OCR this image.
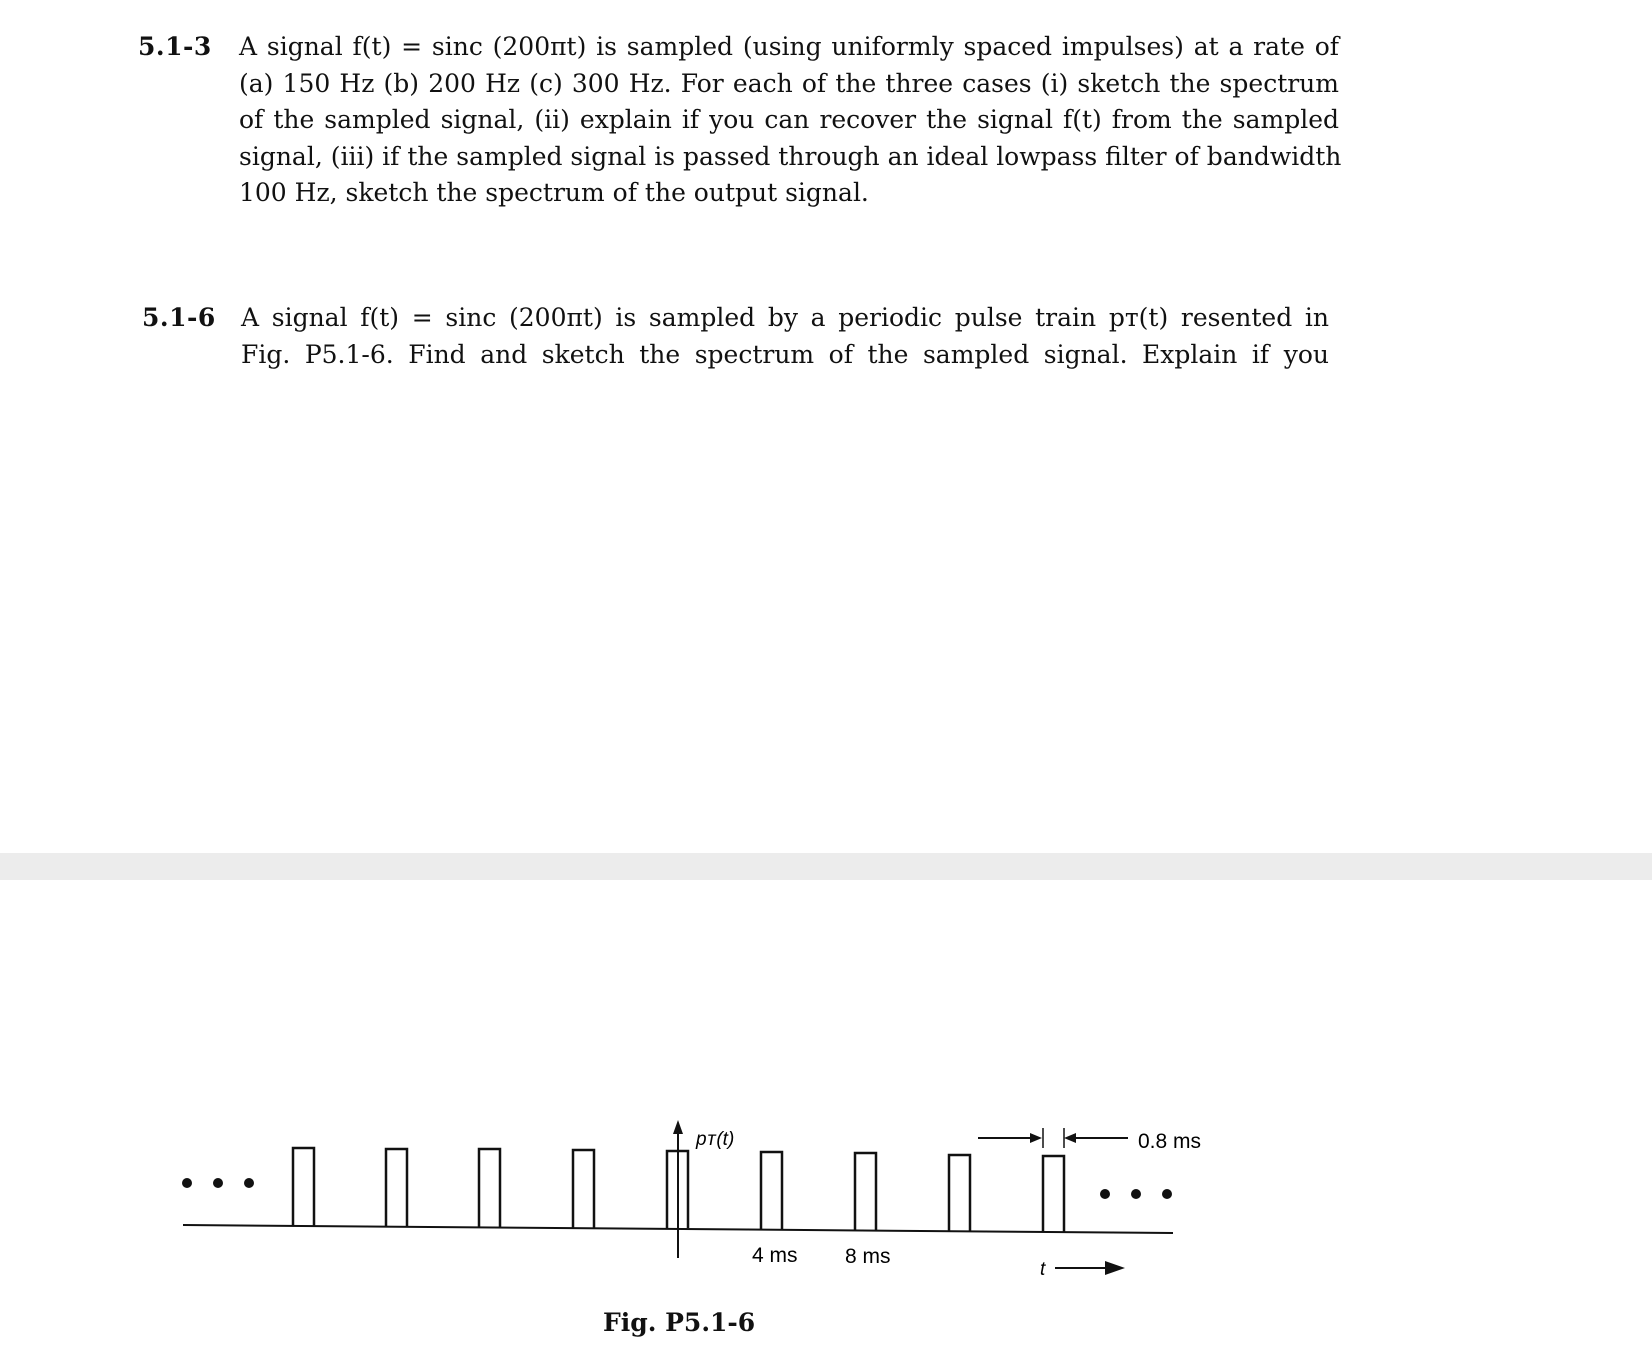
5.1-3 A signal f(t) = sinc (200πt) is sampled (using uniformly spaced impulses) at a rate of

(a) 150 Hz (b) 200 Hz (c) 300 Hz. For each of the three cases (i) sketch the spectrum

of the sampled signal, (ii) explain if you can recover the signal f(t) from the sampled

signal, (iii) if the sampled signal is passed through an ideal lowpass filter of bandwidth

100 Hz, sketch the spectrum of the output signal.

5.1-6 A signal f(t) = sinc (200πt) is sampled by a periodic pulse train pᴛ(t) resented in

Fig. P5.1-6. Find and sketch the spectrum of the sampled signal. Explain if you

pᴛ(t)
4 ms 8 ms
0.8 ms
t
Fig. P5.1-6
